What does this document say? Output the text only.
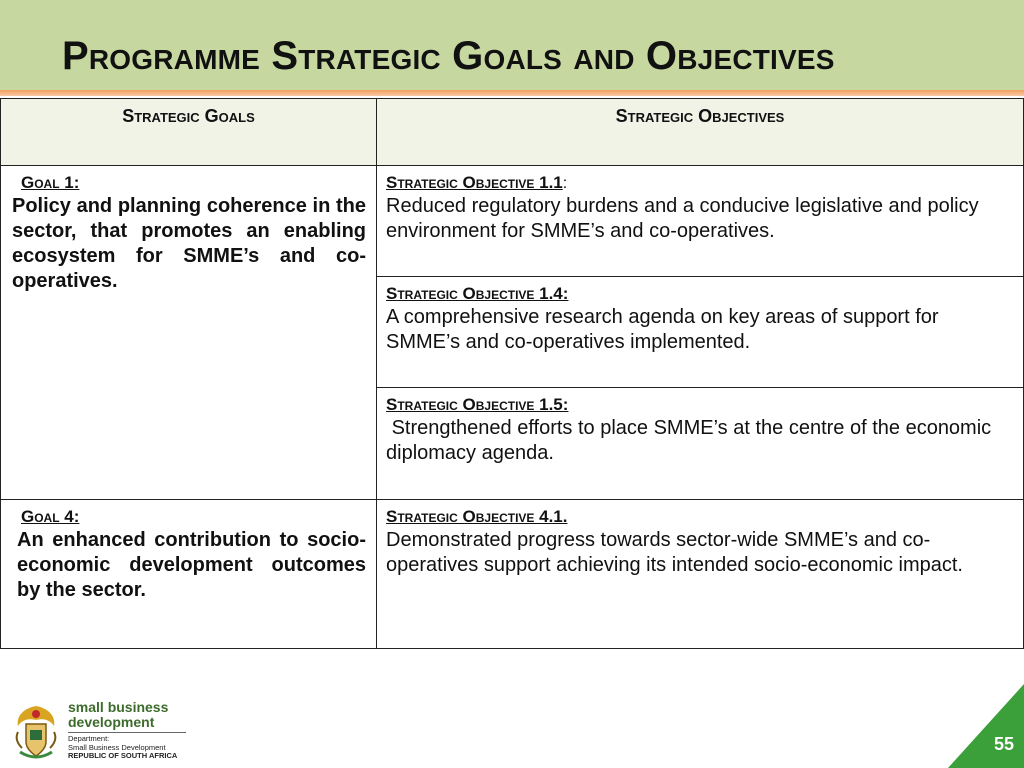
Programme Strategic Goals and Objectives
Strategic Goals	Strategic Objectives
Goal 1:
Policy and planning coherence in the sector, that promotes an enabling ecosystem for SMME’s and co-operatives.
Strategic Objective 1.1:
Reduced regulatory burdens and a conducive legislative and policy environment for SMME’s and co-operatives.
Strategic Objective 1.4:
A comprehensive research agenda on key areas of support for SMME’s and co-operatives implemented.
Strategic Objective 1.5:
Strengthened efforts to place SMME’s at the centre of the economic diplomacy agenda.
Goal 4:
An enhanced contribution to socio-economic development outcomes by the sector.
Strategic Objective 4.1.
Demonstrated progress towards sector-wide SMME’s and co-operatives support achieving its intended socio-economic impact.
small business
development
Department:
Small Business Development
REPUBLIC OF SOUTH AFRICA
55
